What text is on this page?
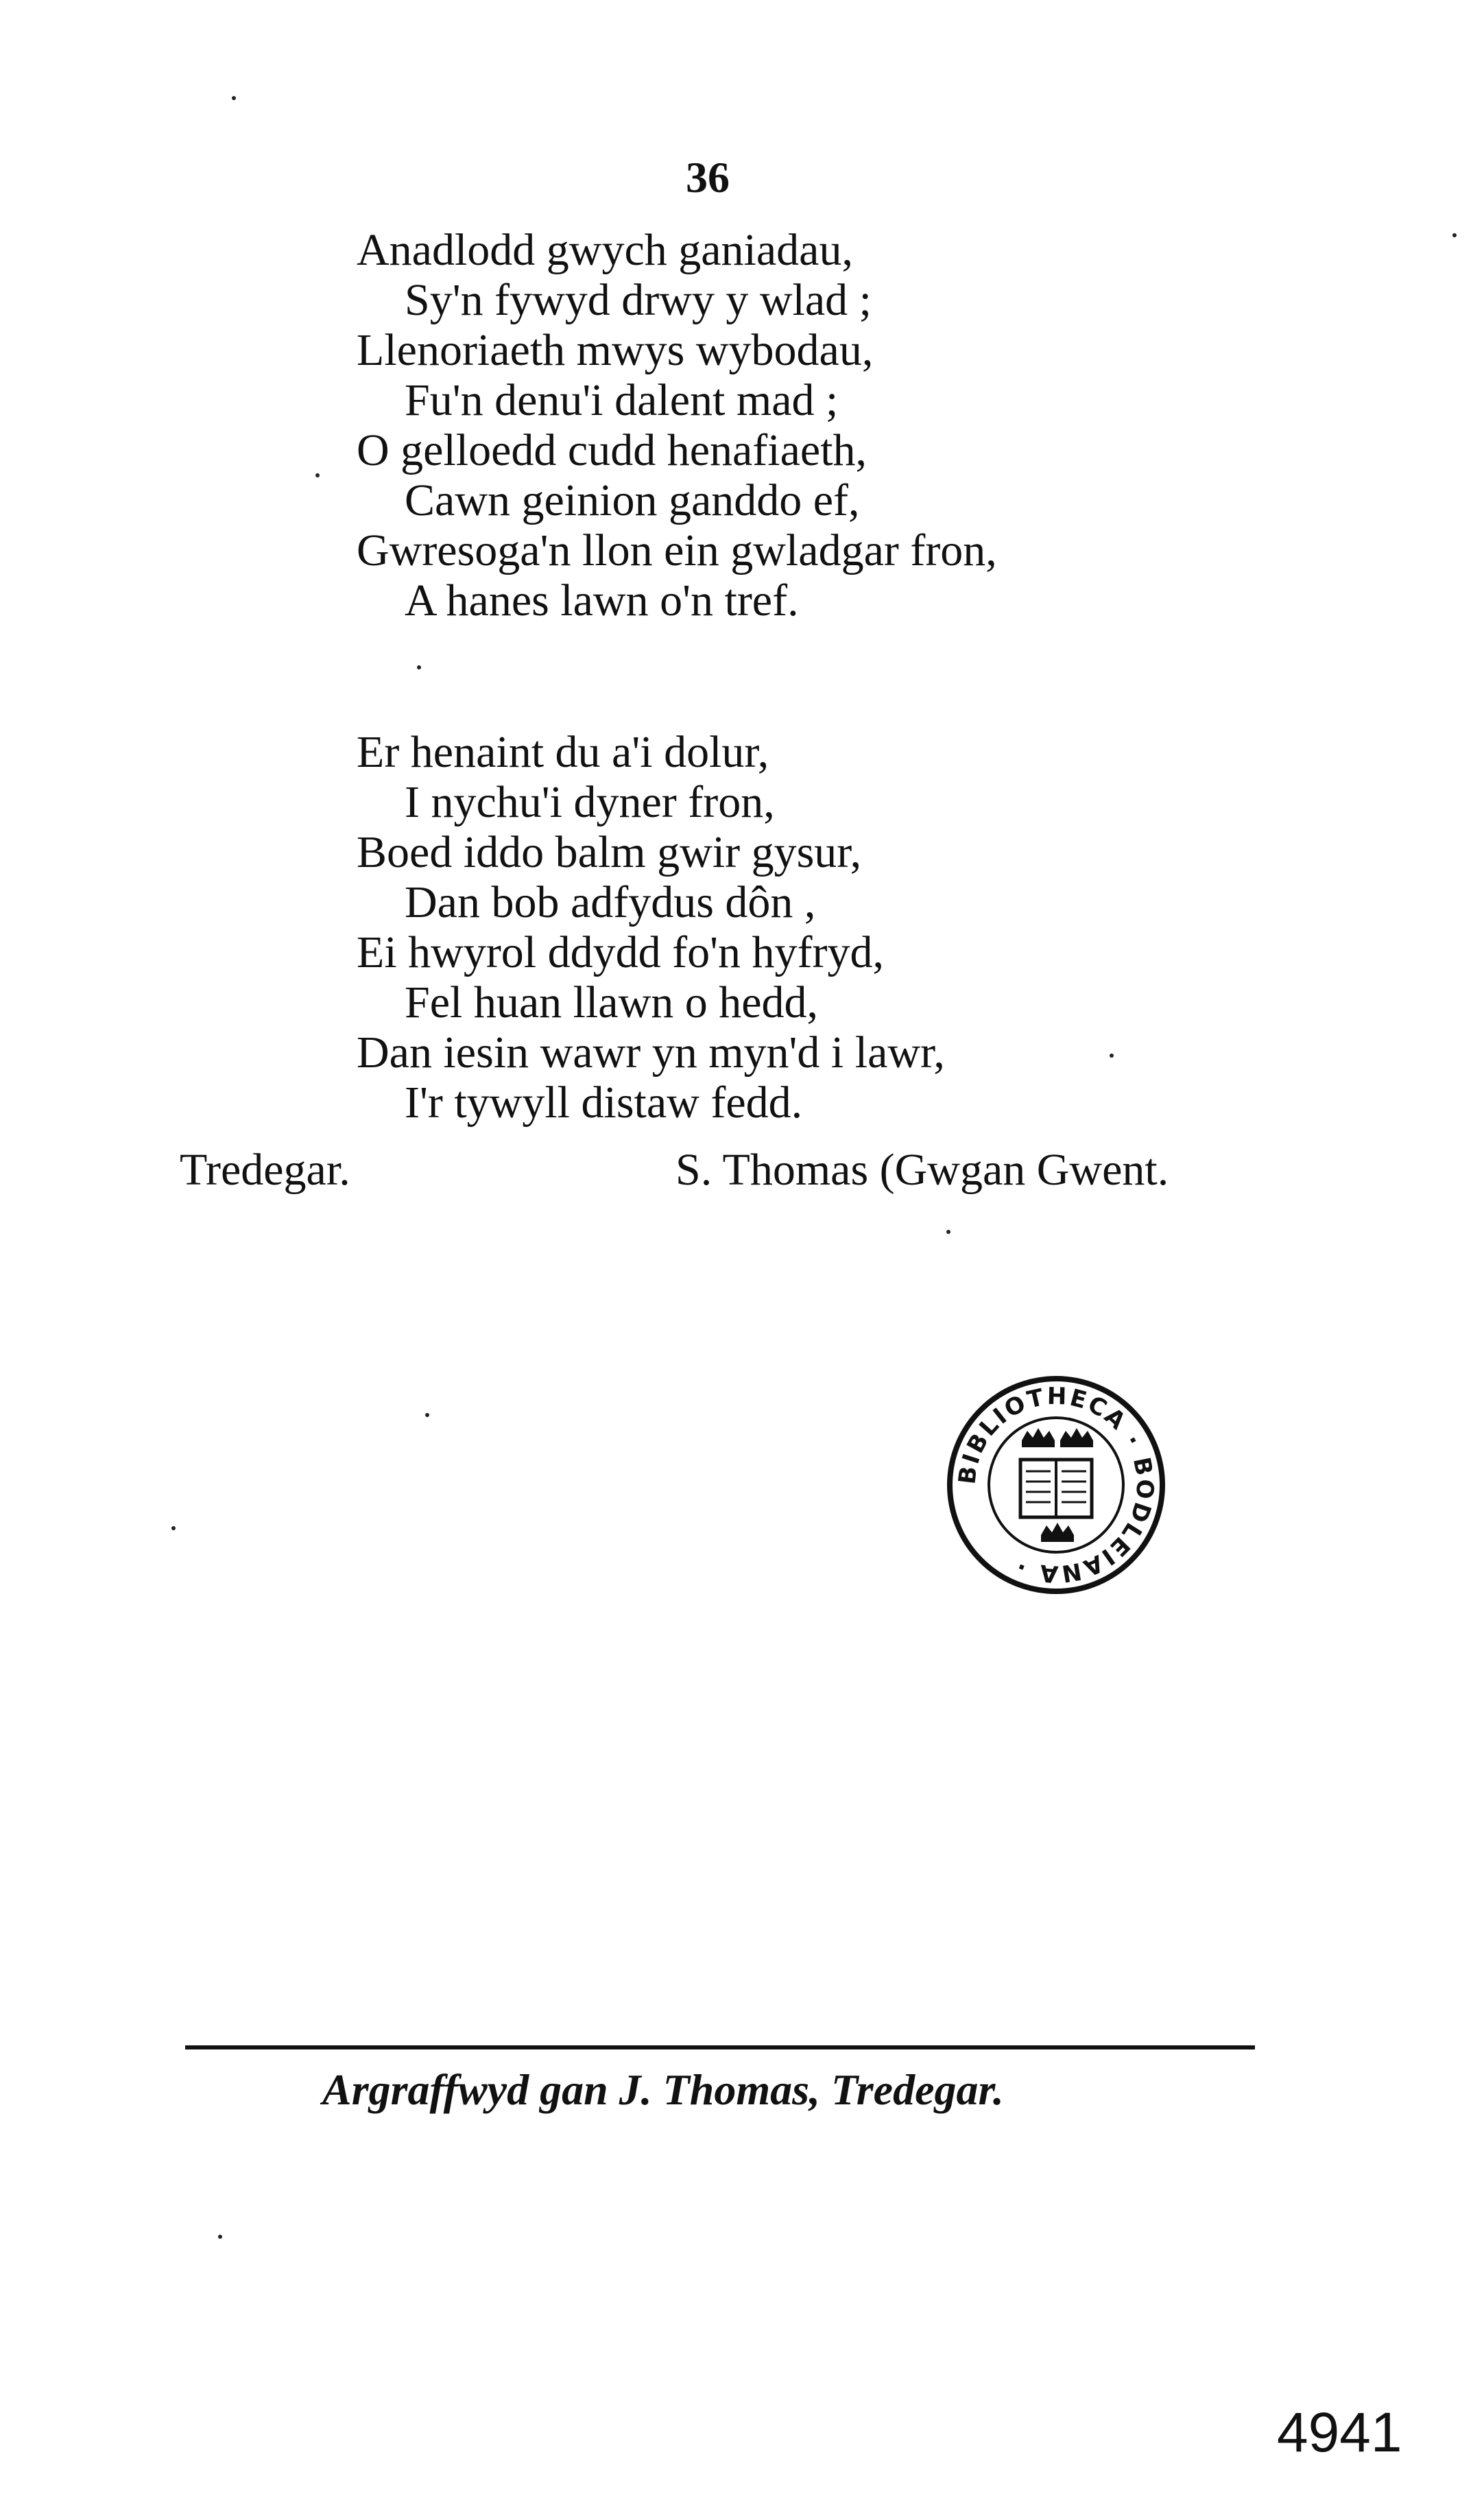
36
Anadlodd gwych ganiadau,
Sy'n fywyd drwy y wlad ;
Llenoriaeth mwys wybodau,
Fu'n denu'i dalent mad ;
O gelloedd cudd henafiaeth,
Cawn geinion ganddo ef,
Gwresoga'n llon ein gwladgar fron,
A hanes lawn o'n tref.
Er henaint du a'i dolur,
I nychu'i dyner fron,
Boed iddo balm gwir gysur,
Dan bob adfydus dôn ,
Ei hwyrol ddydd fo'n hyfryd,
Fel huan llawn o hedd,
Dan iesin wawr yn myn'd i lawr,
I'r tywyll distaw fedd.
Tredegar.	S. Thomas (Gwgan Gwent.
BIBLIOTHECA · BODLEIANA ·
Argraffwyd gan J. Thomas, Tredegar.
4941
